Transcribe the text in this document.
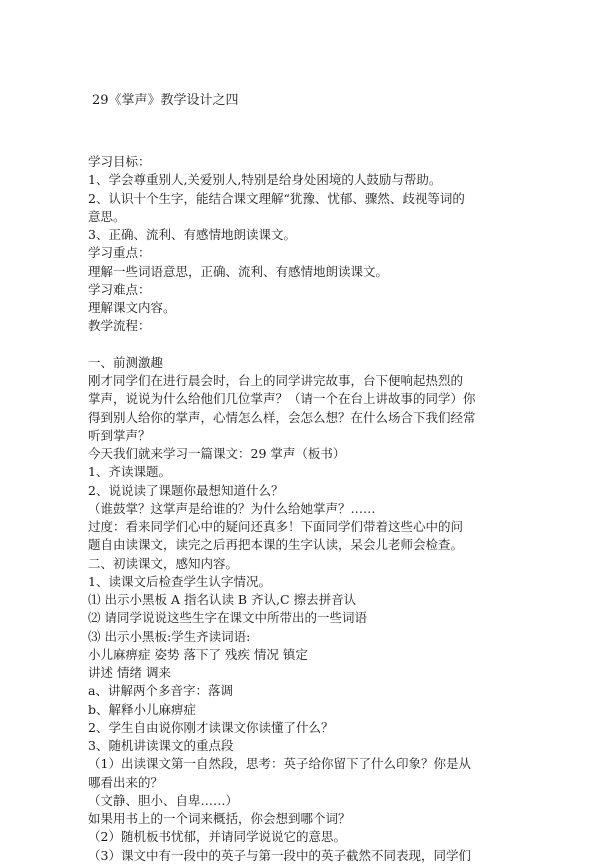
29《掌声》教学设计之四
学习目标：
1、学会尊重别人,关爱别人,特别是给身处困境的人鼓励与帮助。
2、认识十个生字，能结合课文理解“犹豫、忧郁、骤然、歧视等词的
意思。
3、正确、流利、有感情地朗读课文。
学习重点：
理解一些词语意思，正确、流利、有感情地朗读课文。
学习难点：
理解课文内容。
教学流程：
一、前测激趣
刚才同学们在进行晨会时，台上的同学讲完故事，台下便响起热烈的
掌声，说说为什么给他们几位掌声？（请一个在台上讲故事的同学）你
得到别人给你的掌声，心情怎么样，会怎么想？在什么场合下我们经常
听到掌声？
今天我们就来学习一篇课文：29 掌声（板书）
1、齐读课题。
2、说说读了课题你最想知道什么？
（谁鼓掌？这掌声是给谁的？为什么给她掌声？……
过度：看来同学们心中的疑问还真多！下面同学们带着这些心中的问
题自由读课文，读完之后再把本课的生字认读，呆会儿老师会检查。
二、初读课文，感知内容。
1、读课文后检查学生认字情况。
⑴ 出示小黑板 A 指名认读 B 齐认,C 擦去拼音认
⑵ 请同学说说这些生字在课文中所带出的一些词语
⑶ 出示小黑板:学生齐读词语:
小儿麻痹症 姿势 落下了 残疾 情况 镇定
讲述 情绪 调来
a、讲解两个多音字：落调
b、解释小儿麻痹症
2、学生自由说你刚才读课文你读懂了什么？
3、随机讲读课文的重点段
（1）出读课文第一自然段，思考：英子给你留下了什么印象？你是从
哪看出来的？
（文静、胆小、自卑……）
如果用书上的一个词来概括，你会想到哪个词？
（2）随机板书忧郁，并请同学说说它的意思。
（3）课文中有一段中的英子与第一段中的英子截然不同表现，同学们
